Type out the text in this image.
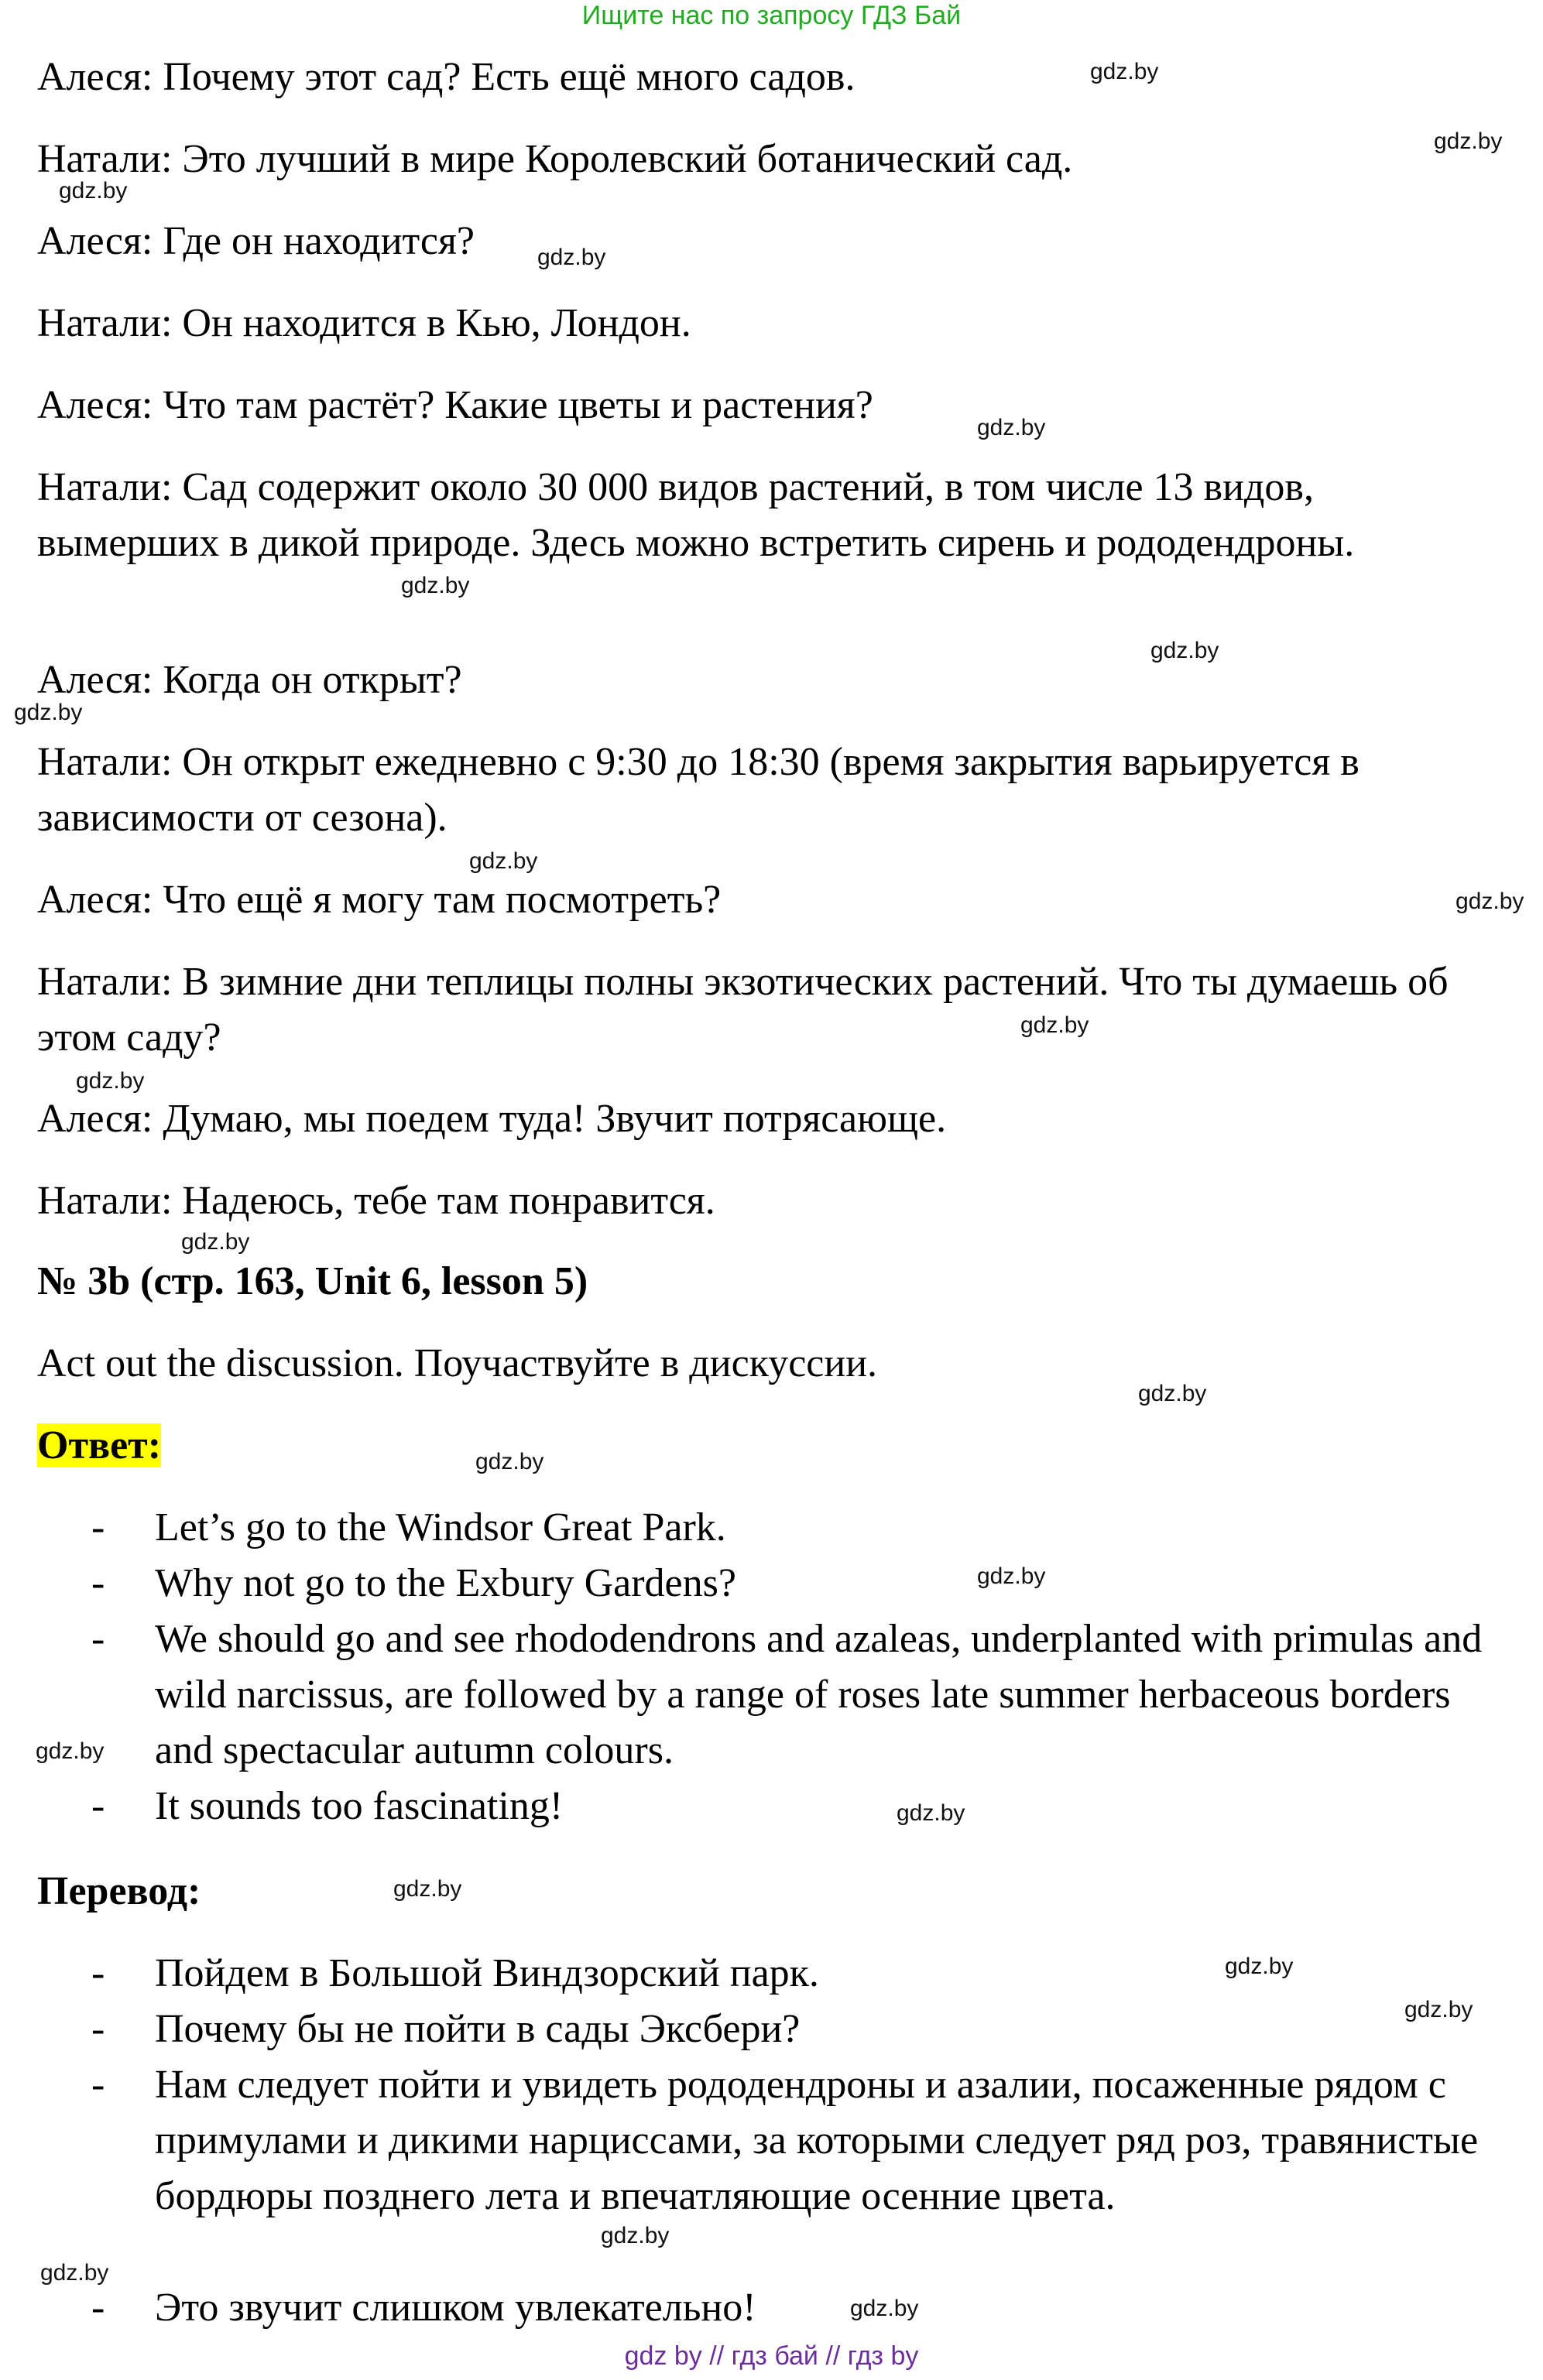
Ищите нас по запросу ГДЗ Бай

Алеся: Почему этот сад? Есть ещё много садов.

Натали: Это лучший в мире Королевский ботанический сад.

Алеся: Где он находится?

Натали: Он находится в Кью, Лондон.

Алеся: Что там растёт? Какие цветы и растения?

Натали: Сад содержит около 30 000 видов растений, в том числе 13 видов, вымерших в дикой природе. Здесь можно встретить сирень и рододендроны.

Алеся: Когда он открыт?

Натали: Он открыт ежедневно с 9:30 до 18:30 (время закрытия варьируется в зависимости от сезона).

Алеся: Что ещё я могу там посмотреть?

Натали: В зимние дни теплицы полны экзотических растений. Что ты думаешь об этом саду?

Алеся: Думаю, мы поедем туда! Звучит потрясающе.

Натали: Надеюсь, тебе там понравится.

№ 3b (стр. 163, Unit 6, lesson 5)

Act out the discussion. Поучаствуйте в дискуссии.

Ответ:

-	Let’s go to the Windsor Great Park.
-	Why not go to the Exbury Gardens?
-	We should go and see rhododendrons and azaleas, underplanted with primulas and wild narcissus, are followed by a range of roses late summer herbaceous borders and spectacular autumn colours.
-	It sounds too fascinating!

Перевод:

-	Пойдем в Большой Виндзорский парк.
-	Почему бы не пойти в сады Эксбери?
-	Нам следует пойти и увидеть рододендроны и азалии, посаженные рядом с примулами и дикими нарциссами, за которыми следует ряд роз, травянистые бордюры позднего лета и впечатляющие осенние цвета.
-	Это звучит слишком увлекательно!
gdz.by
gdz.by
gdz.by
gdz.by
gdz.by
gdz.by
gdz.by
gdz.by
gdz.by
gdz.by
gdz.by
gdz.by
gdz.by
gdz.by
gdz.by
gdz.by
gdz.by
gdz.by
gdz.by
gdz.by
gdz.by
gdz.by
gdz.by
gdz.by
gdz by // гдз бай // гдз by
